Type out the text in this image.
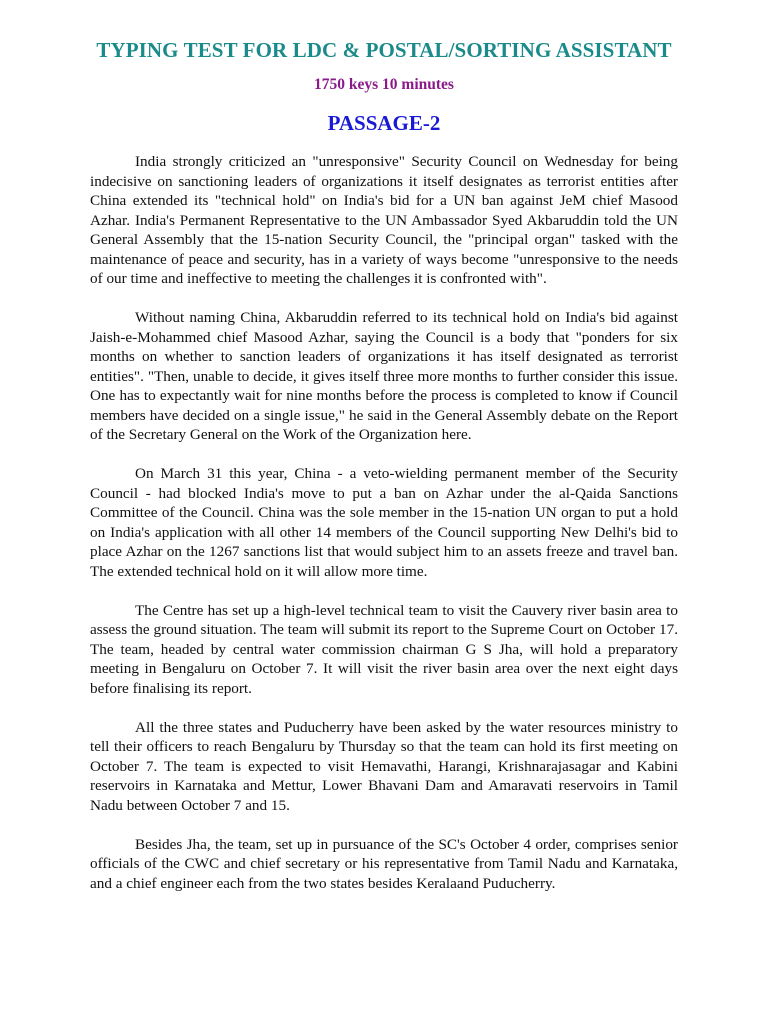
TYPING TEST FOR LDC & POSTAL/SORTING ASSISTANT
1750 keys 10 minutes
PASSAGE-2

India strongly criticized an "unresponsive" Security Council on Wednesday for being indecisive on sanctioning leaders of organizations it itself designates as terrorist entities after China extended its "technical hold" on India's bid for a UN ban against JeM chief Masood Azhar. India's Permanent Representative to the UN Ambassador Syed Akbaruddin told the UN General Assembly that the 15-nation Security Council, the "principal organ" tasked with the maintenance of peace and security, has in a variety of ways become "unresponsive to the needs of our time and ineffective to meeting the challenges it is confronted with".

Without naming China, Akbaruddin referred to its technical hold on India's bid against Jaish-e-Mohammed chief Masood Azhar, saying the Council is a body that "ponders for six months on whether to sanction leaders of organizations it has itself designated as terrorist entities". "Then, unable to decide, it gives itself three more months to further consider this issue. One has to expectantly wait for nine months before the process is completed to know if Council members have decided on a single issue," he said in the General Assembly debate on the Report of the Secretary General on the Work of the Organization here.

On March 31 this year, China - a veto-wielding permanent member of the Security Council - had blocked India's move to put a ban on Azhar under the al-Qaida Sanctions Committee of the Council. China was the sole member in the 15-nation UN organ to put a hold on India's application with all other 14 members of the Council supporting New Delhi's bid to place Azhar on the 1267 sanctions list that would subject him to an assets freeze and travel ban. The extended technical hold on it will allow more time.

The Centre has set up a high-level technical team to visit the Cauvery river basin area to assess the ground situation. The team will submit its report to the Supreme Court on October 17. The team, headed by central water commission chairman G S Jha, will hold a preparatory meeting in Bengaluru on October 7. It will visit the river basin area over the next eight days before finalising its report.

All the three states and Puducherry have been asked by the water resources ministry to tell their officers to reach Bengaluru by Thursday so that the team can hold its first meeting on October 7. The team is expected to visit Hemavathi, Harangi, Krishnarajasagar and Kabini reservoirs in Karnataka and Mettur, Lower Bhavani Dam and Amaravati reservoirs in Tamil Nadu between October 7 and 15.

Besides Jha, the team, set up in pursuance of the SC's October 4 order, comprises senior officials of the CWC and chief secretary or his representative from Tamil Nadu and Karnataka, and a chief engineer each from the two states besides Keralaand Puducherry.
